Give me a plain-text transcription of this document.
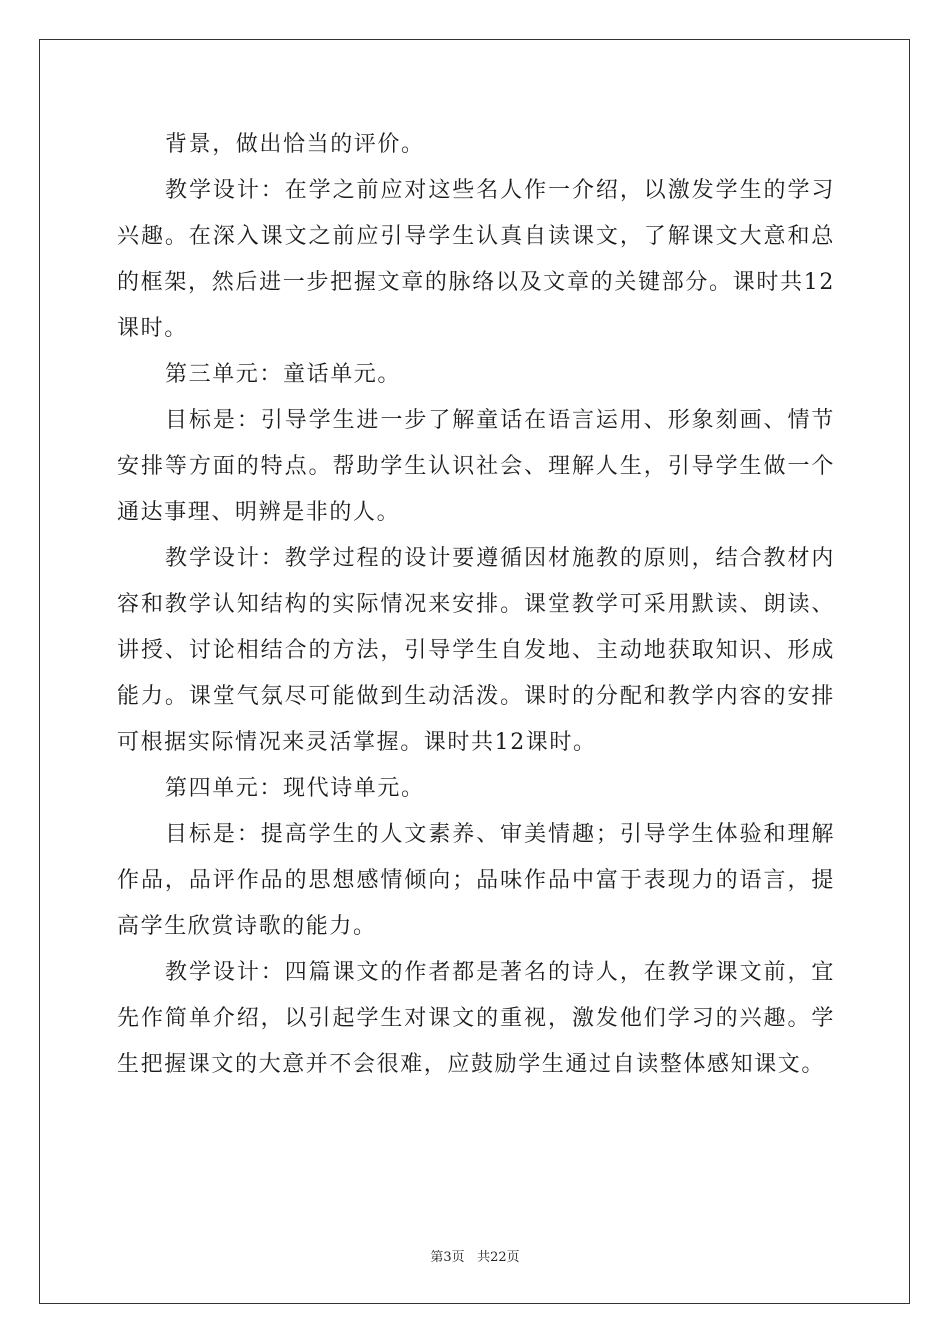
背景，做出恰当的评价。

教学设计：在学之前应对这些名人作一介绍，以激发学生的学习兴趣。在深入课文之前应引导学生认真自读课文，了解课文大意和总的框架，然后进一步把握文章的脉络以及文章的关键部分。课时共12课时。

第三单元：童话单元。

目标是：引导学生进一步了解童话在语言运用、形象刻画、情节安排等方面的特点。帮助学生认识社会、理解人生，引导学生做一个通达事理、明辨是非的人。

教学设计：教学过程的设计要遵循因材施教的原则，结合教材内容和教学认知结构的实际情况来安排。课堂教学可采用默读、朗读、讲授、讨论相结合的方法，引导学生自发地、主动地获取知识、形成能力。课堂气氛尽可能做到生动活泼。课时的分配和教学内容的安排可根据实际情况来灵活掌握。课时共12课时。

第四单元：现代诗单元。

目标是：提高学生的人文素养、审美情趣；引导学生体验和理解作品，品评作品的思想感情倾向；品味作品中富于表现力的语言，提高学生欣赏诗歌的能力。

教学设计：四篇课文的作者都是著名的诗人，在教学课文前，宜先作简单介绍，以引起学生对课文的重视，激发他们学习的兴趣。学生把握课文的大意并不会很难，应鼓励学生通过自读整体感知课文。

第3页 共22页
